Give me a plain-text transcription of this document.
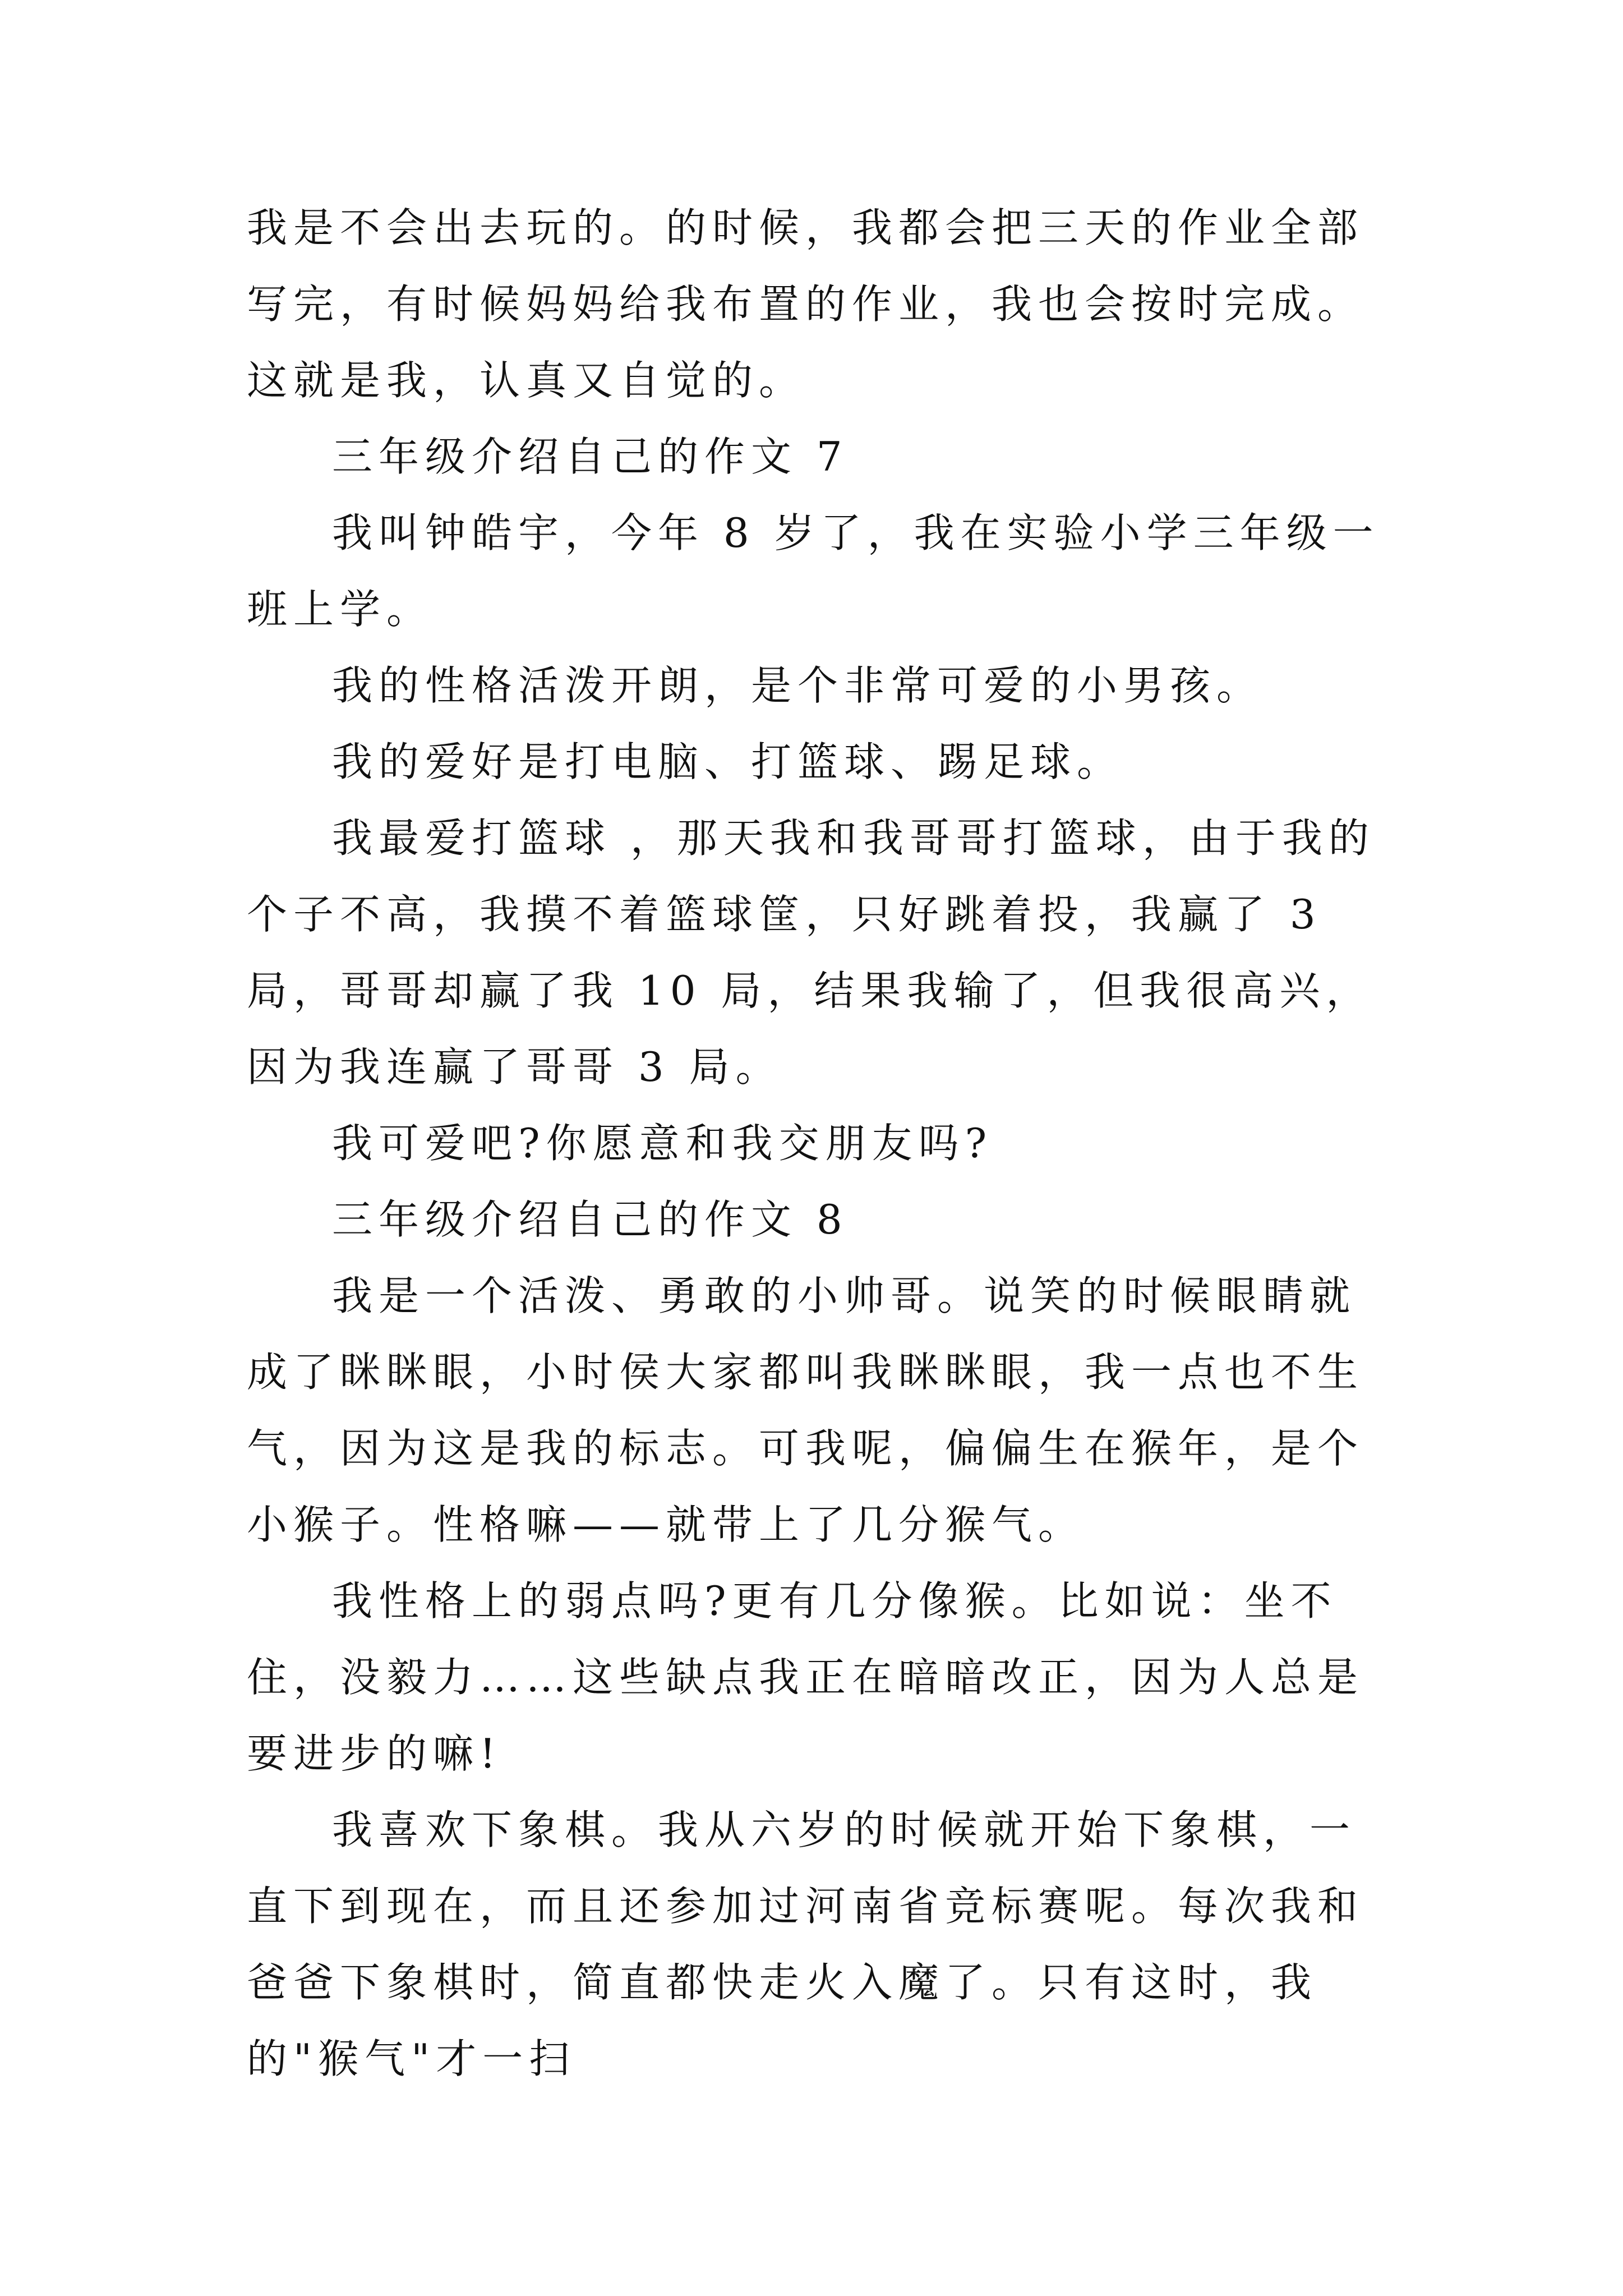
我是不会出去玩的。的时候，我都会把三天的作业全部写完，有时候妈妈给我布置的作业，我也会按时完成。这就是我，认真又自觉的。

三年级介绍自己的作文 7

我叫钟皓宇，今年 8 岁了，我在实验小学三年级一班上学。

我的性格活泼开朗，是个非常可爱的小男孩。

我的爱好是打电脑、打篮球、踢足球。

我最爱打篮球 ，那天我和我哥哥打篮球，由于我的个子不高，我摸不着篮球筐，只好跳着投，我赢了 3 局，哥哥却赢了我 10 局，结果我输了，但我很高兴，因为我连赢了哥哥 3 局。

我可爱吧?你愿意和我交朋友吗?

三年级介绍自己的作文 8

我是一个活泼、勇敢的小帅哥。说笑的时候眼睛就成了眯眯眼，小时侯大家都叫我眯眯眼，我一点也不生气，因为这是我的标志。可我呢，偏偏生在猴年，是个小猴子。性格嘛——就带上了几分猴气。

我性格上的弱点吗?更有几分像猴。比如说：坐不住，没毅力……这些缺点我正在暗暗改正，因为人总是要进步的嘛!

我喜欢下象棋。我从六岁的时候就开始下象棋，一直下到现在，而且还参加过河南省竞标赛呢。每次我和爸爸下象棋时，简直都快走火入魔了。只有这时，我的"猴气"才一扫
